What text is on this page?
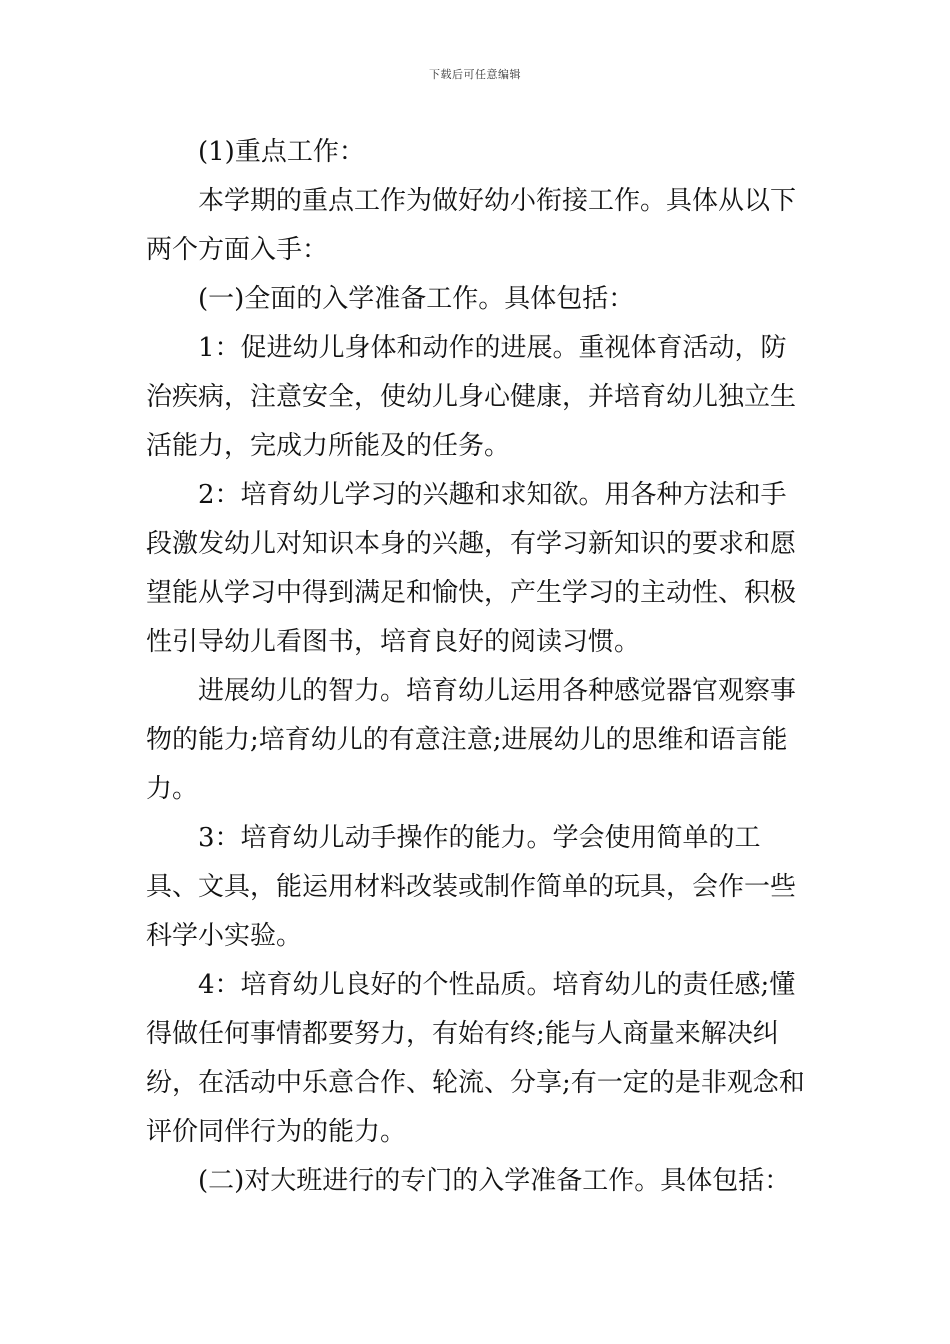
下载后可任意编辑

(1)重点工作：

本学期的重点工作为做好幼小衔接工作。具体从以下两个方面入手：

(一)全面的入学准备工作。具体包括：

1：促进幼儿身体和动作的进展。重视体育活动，防治疾病，注意安全，使幼儿身心健康，并培育幼儿独立生活能力，完成力所能及的任务。

2：培育幼儿学习的兴趣和求知欲。用各种方法和手段激发幼儿对知识本身的兴趣，有学习新知识的要求和愿望能从学习中得到满足和愉快，产生学习的主动性、积极性引导幼儿看图书，培育良好的阅读习惯。

进展幼儿的智力。培育幼儿运用各种感觉器官观察事物的能力;培育幼儿的有意注意;进展幼儿的思维和语言能力。

3：培育幼儿动手操作的能力。学会使用简单的工具、文具，能运用材料改装或制作简单的玩具，会作一些科学小实验。

4：培育幼儿良好的个性品质。培育幼儿的责任感;懂得做任何事情都要努力，有始有终;能与人商量来解决纠纷，在活动中乐意合作、轮流、分享;有一定的是非观念和评价同伴行为的能力。

(二)对大班进行的专门的入学准备工作。具体包括：
